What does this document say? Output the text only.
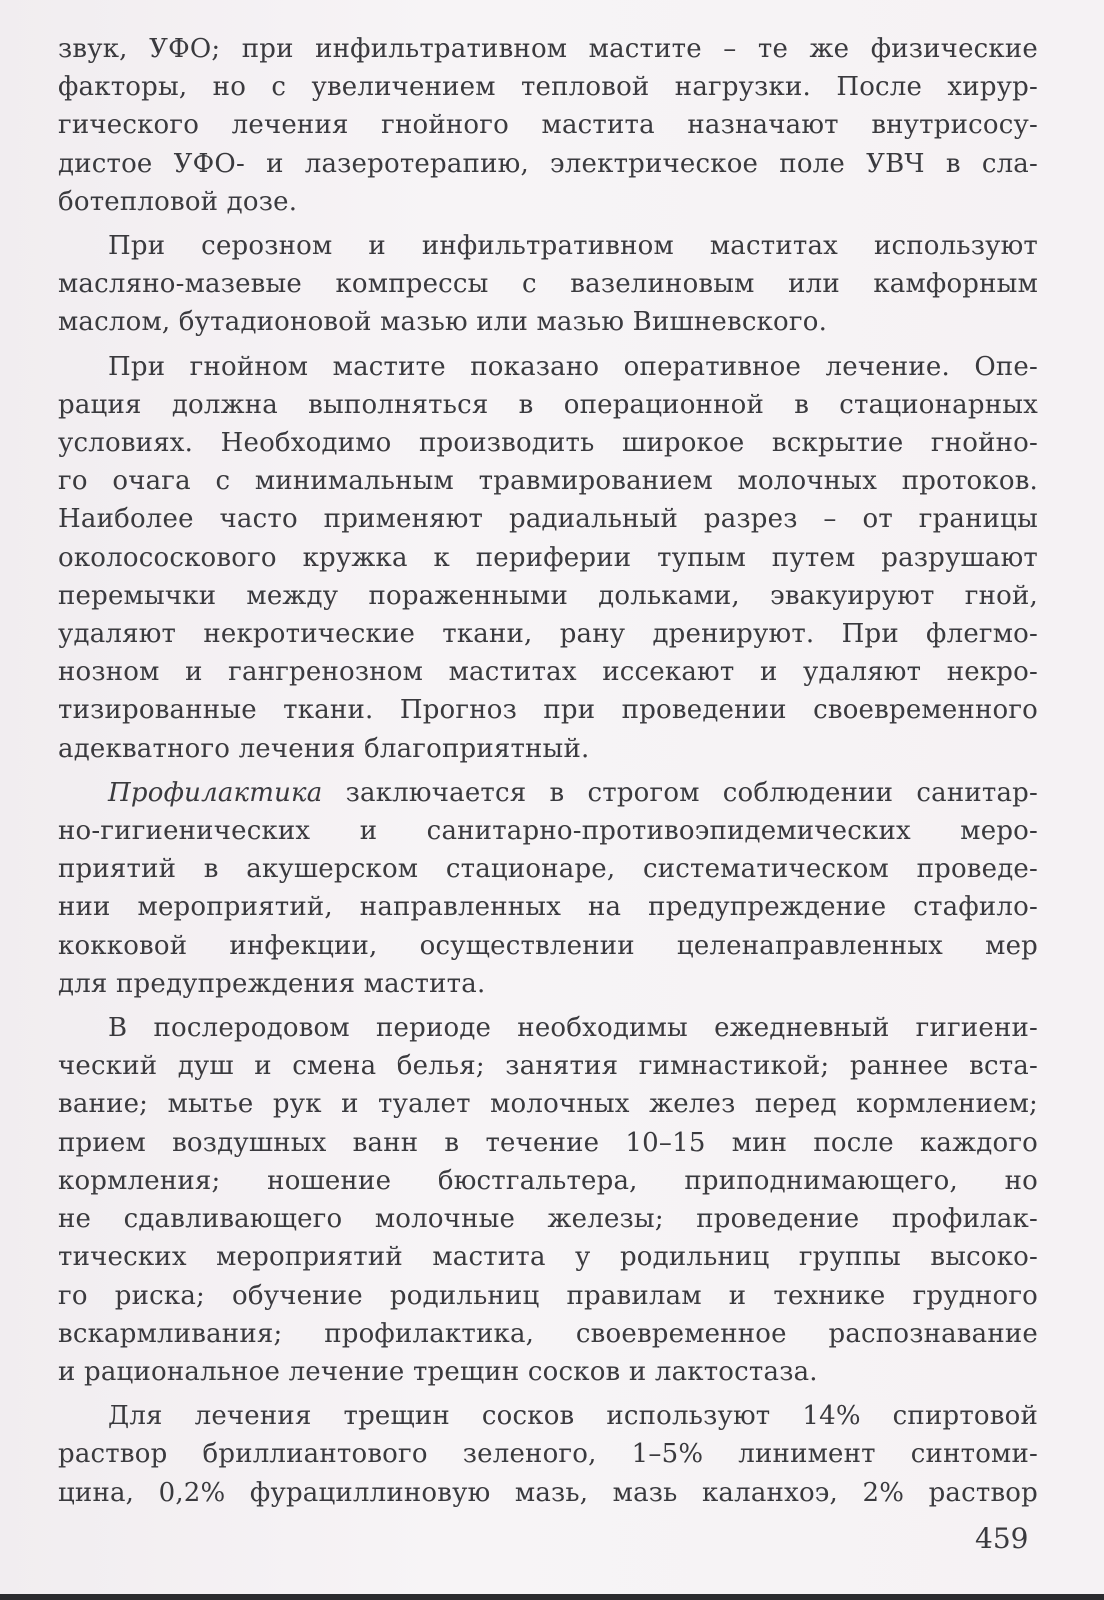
звук, УФО; при инфильтративном мастите – те же физические
факторы, но с увеличением тепловой нагрузки. После хирур-
гического лечения гнойного мастита назначают внутрисосу-
дистое УФО- и лазеротерапию, электрическое поле УВЧ в сла-
ботепловой дозе.
При серозном и инфильтративном маститах используют
масляно-мазевые компрессы с вазелиновым или камфорным
маслом, бутадионовой мазью или мазью Вишневского.
При гнойном мастите показано оперативное лечение. Опе-
рация должна выполняться в операционной в стационарных
условиях. Необходимо производить широкое вскрытие гнойно-
го очага с минимальным травмированием молочных протоков.
Наиболее часто применяют радиальный разрез – от границы
околососкового кружка к периферии тупым путем разрушают
перемычки между пораженными дольками, эвакуируют гной,
удаляют некротические ткани, рану дренируют. При флегмо-
нозном и гангренозном маститах иссекают и удаляют некро-
тизированные ткани. Прогноз при проведении своевременного
адекватного лечения благоприятный.
Профилактика заключается в строгом соблюдении санитар-
но-гигиенических и санитарно-противоэпидемических меро-
приятий в акушерском стационаре, систематическом проведе-
нии мероприятий, направленных на предупреждение стафило-
кокковой инфекции, осуществлении целенаправленных мер
для предупреждения мастита.
В послеродовом периоде необходимы ежедневный гигиени-
ческий душ и смена белья; занятия гимнастикой; раннее вста-
вание; мытье рук и туалет молочных желез перед кормлением;
прием воздушных ванн в течение 10–15 мин после каждого
кормления; ношение бюстгальтера, приподнимающего, но
не сдавливающего молочные железы; проведение профилак-
тических мероприятий мастита у родильниц группы высоко-
го риска; обучение родильниц правилам и технике грудного
вскармливания; профилактика, своевременное распознавание
и рациональное лечение трещин сосков и лактостаза.
Для лечения трещин сосков используют 14% спиртовой
раствор бриллиантового зеленого, 1–5% линимент синтоми-
цина, 0,2% фурациллиновую мазь, мазь каланхоэ, 2% раствор
459
